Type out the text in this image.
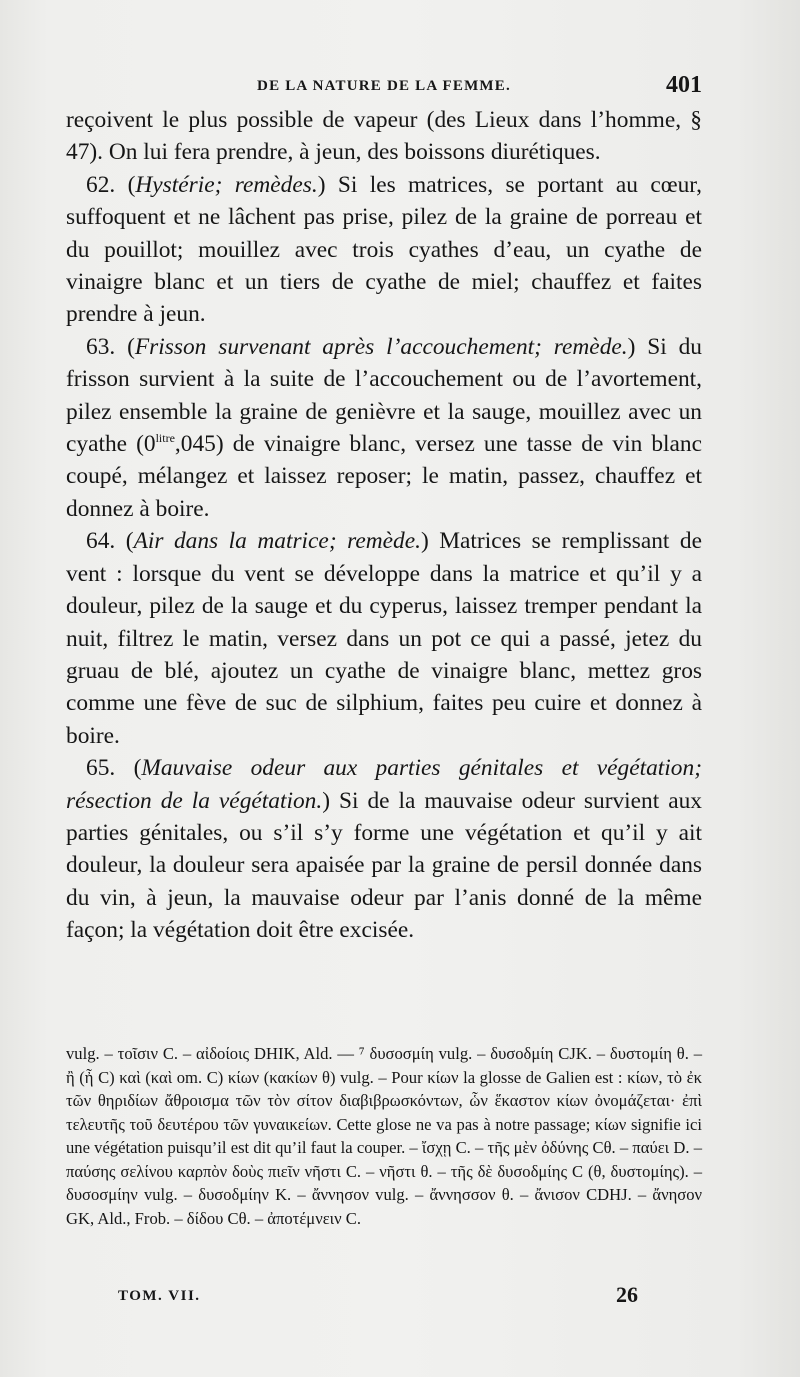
DE LA NATURE DE LA FEMME.	401

reçoivent le plus possible de vapeur (des Lieux dans l’homme, § 47). On lui fera prendre, à jeun, des boissons diurétiques.

62. (Hystérie; remèdes.) Si les matrices, se portant au cœur, suffoquent et ne lâchent pas prise, pilez de la graine de porreau et du pouillot; mouillez avec trois cyathes d’eau, un cyathe de vinaigre blanc et un tiers de cyathe de miel; chauffez et faites prendre à jeun.

63. (Frisson survenant après l’accouchement; remède.) Si du frisson survient à la suite de l’accouchement ou de l’avortement, pilez ensemble la graine de genièvre et la sauge, mouillez avec un cyathe $(0^{litre},045)$ de vinaigre blanc, versez une tasse de vin blanc coupé, mélangez et laissez reposer; le matin, passez, chauffez et donnez à boire.

64. (Air dans la matrice; remède.) Matrices se remplissant de vent : lorsque du vent se développe dans la matrice et qu’il y a douleur, pilez de la sauge et du cyperus, laissez tremper pendant la nuit, filtrez le matin, versez dans un pot ce qui a passé, jetez du gruau de blé, ajoutez un cyathe de vinaigre blanc, mettez gros comme une fève de suc de silphium, faites peu cuire et donnez à boire.

65. (Mauvaise odeur aux parties génitales et végétation; résection de la végétation.) Si de la mauvaise odeur survient aux parties génitales, ou s’il s’y forme une végétation et qu’il y ait douleur, la douleur sera apaisée par la graine de persil donnée dans du vin, à jeun, la mauvaise odeur par l’anis donné de la même façon; la végétation doit être excisée.

vulg. – τοῖσιν C. – αἰδοίοις DHIK, Ald. — ⁷ δυσοσμίη vulg. – δυσοδμίη CJK. – δυστομίη θ. – ἢ (ἦ C) καὶ (καὶ om. C) κίων (κακίων θ) vulg. – Pour κίων la glosse de Galien est : κίων, τὸ ἐκ τῶν θηριδίων ἄθροισμα τῶν τὸν σίτον διαβιβρωσκόντων, ὧν ἕκαστον κίων ὀνομάζεται· ἐπὶ τελευτῆς τοῦ δευτέρου τῶν γυναικείων. Cette glose ne va pas à notre passage; κίων signifie ici une végétation puisqu’il est dit qu’il faut la couper. – ἴσχῃ C. – τῆς μὲν ὀδύνης Cθ. – παύει D. – παύσης σελίνου καρπὸν δοὺς πιεῖν νῆστι C. – νῆστι θ. – τῆς δὲ δυσοδμίης C (θ, δυστομίης). – δυσοσμίην vulg. – δυσοδμίην K. – ἄννησον vulg. – ἄννησσον θ. – ἄνισον CDHJ. – ἄνησον GK, Ald., Frob. – δίδου Cθ. – ἀποτέμνειν C.

TOM. VII.	26
